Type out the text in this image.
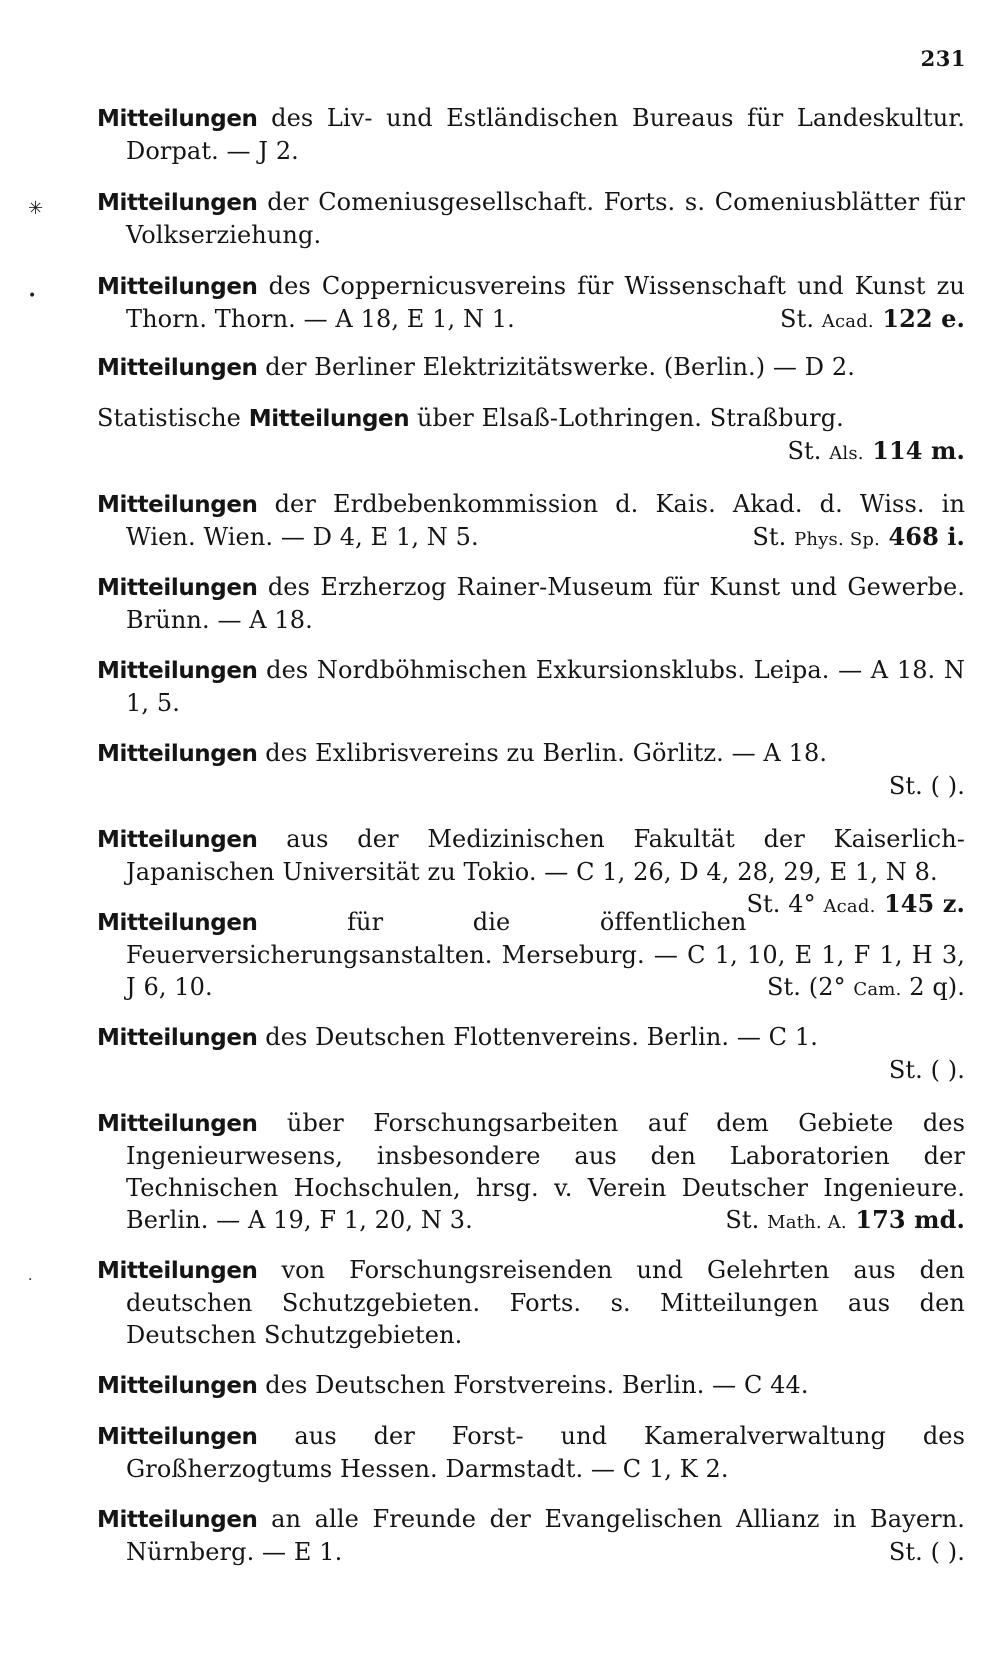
231
Mitteilungen des Liv- und Estländischen Bureaus für Landeskultur. Dorpat. — J 2.
✳	Mitteilungen der Comeniusgesellschaft. Forts. s. Comeniusblätter für Volkserziehung.
•	Mitteilungen des Coppernicusvereins für Wissenschaft und Kunst zu Thorn. Thorn. — A 18, E 1, N 1.	St. Acad. 122 e.
Mitteilungen der Berliner Elektrizitätswerke. (Berlin.) — D 2.
Statistische Mitteilungen über Elsaß-Lothringen. Straßburg.
St. Als. 114 m.
Mitteilungen der Erdbebenkommission d. Kais. Akad. d. Wiss. in Wien. Wien. — D 4, E 1, N 5.	St. Phys. Sp. 468 i.
Mitteilungen des Erzherzog Rainer-Museum für Kunst und Gewerbe. Brünn. — A 18.
Mitteilungen des Nordböhmischen Exkursionsklubs. Leipa. — A 18. N 1, 5.
Mitteilungen des Exlibrisvereins zu Berlin. Görlitz. — A 18.
St. ( ).
Mitteilungen aus der Medizinischen Fakultät der Kaiserlich-Japanischen Universität zu Tokio. — C 1, 26, D 4, 28, 29, E 1, N 8.
St. 4° Acad. 145 z.
Mitteilungen für die öffentlichen Feuerversicherungsanstalten. Merseburg. — C 1, 10, E 1, F 1, H 3, J 6, 10.	St. (2° Cam. 2 q).
Mitteilungen des Deutschen Flottenvereins. Berlin. — C 1.
St. ( ).
Mitteilungen über Forschungsarbeiten auf dem Gebiete des Ingenieurwesens, insbesondere aus den Laboratorien der Technischen Hochschulen, hrsg. v. Verein Deutscher Ingenieure. Berlin. — A 19, F 1, 20, N 3.	St. Math. A. 173 md.
·	Mitteilungen von Forschungsreisenden und Gelehrten aus den deutschen Schutzgebieten. Forts. s. Mitteilungen aus den Deutschen Schutzgebieten.
Mitteilungen des Deutschen Forstvereins. Berlin. — C 44.
Mitteilungen aus der Forst- und Kameralverwaltung des Großherzogtums Hessen. Darmstadt. — C 1, K 2.
Mitteilungen an alle Freunde der Evangelischen Allianz in Bayern. Nürnberg. — E 1.	St. ( ).
